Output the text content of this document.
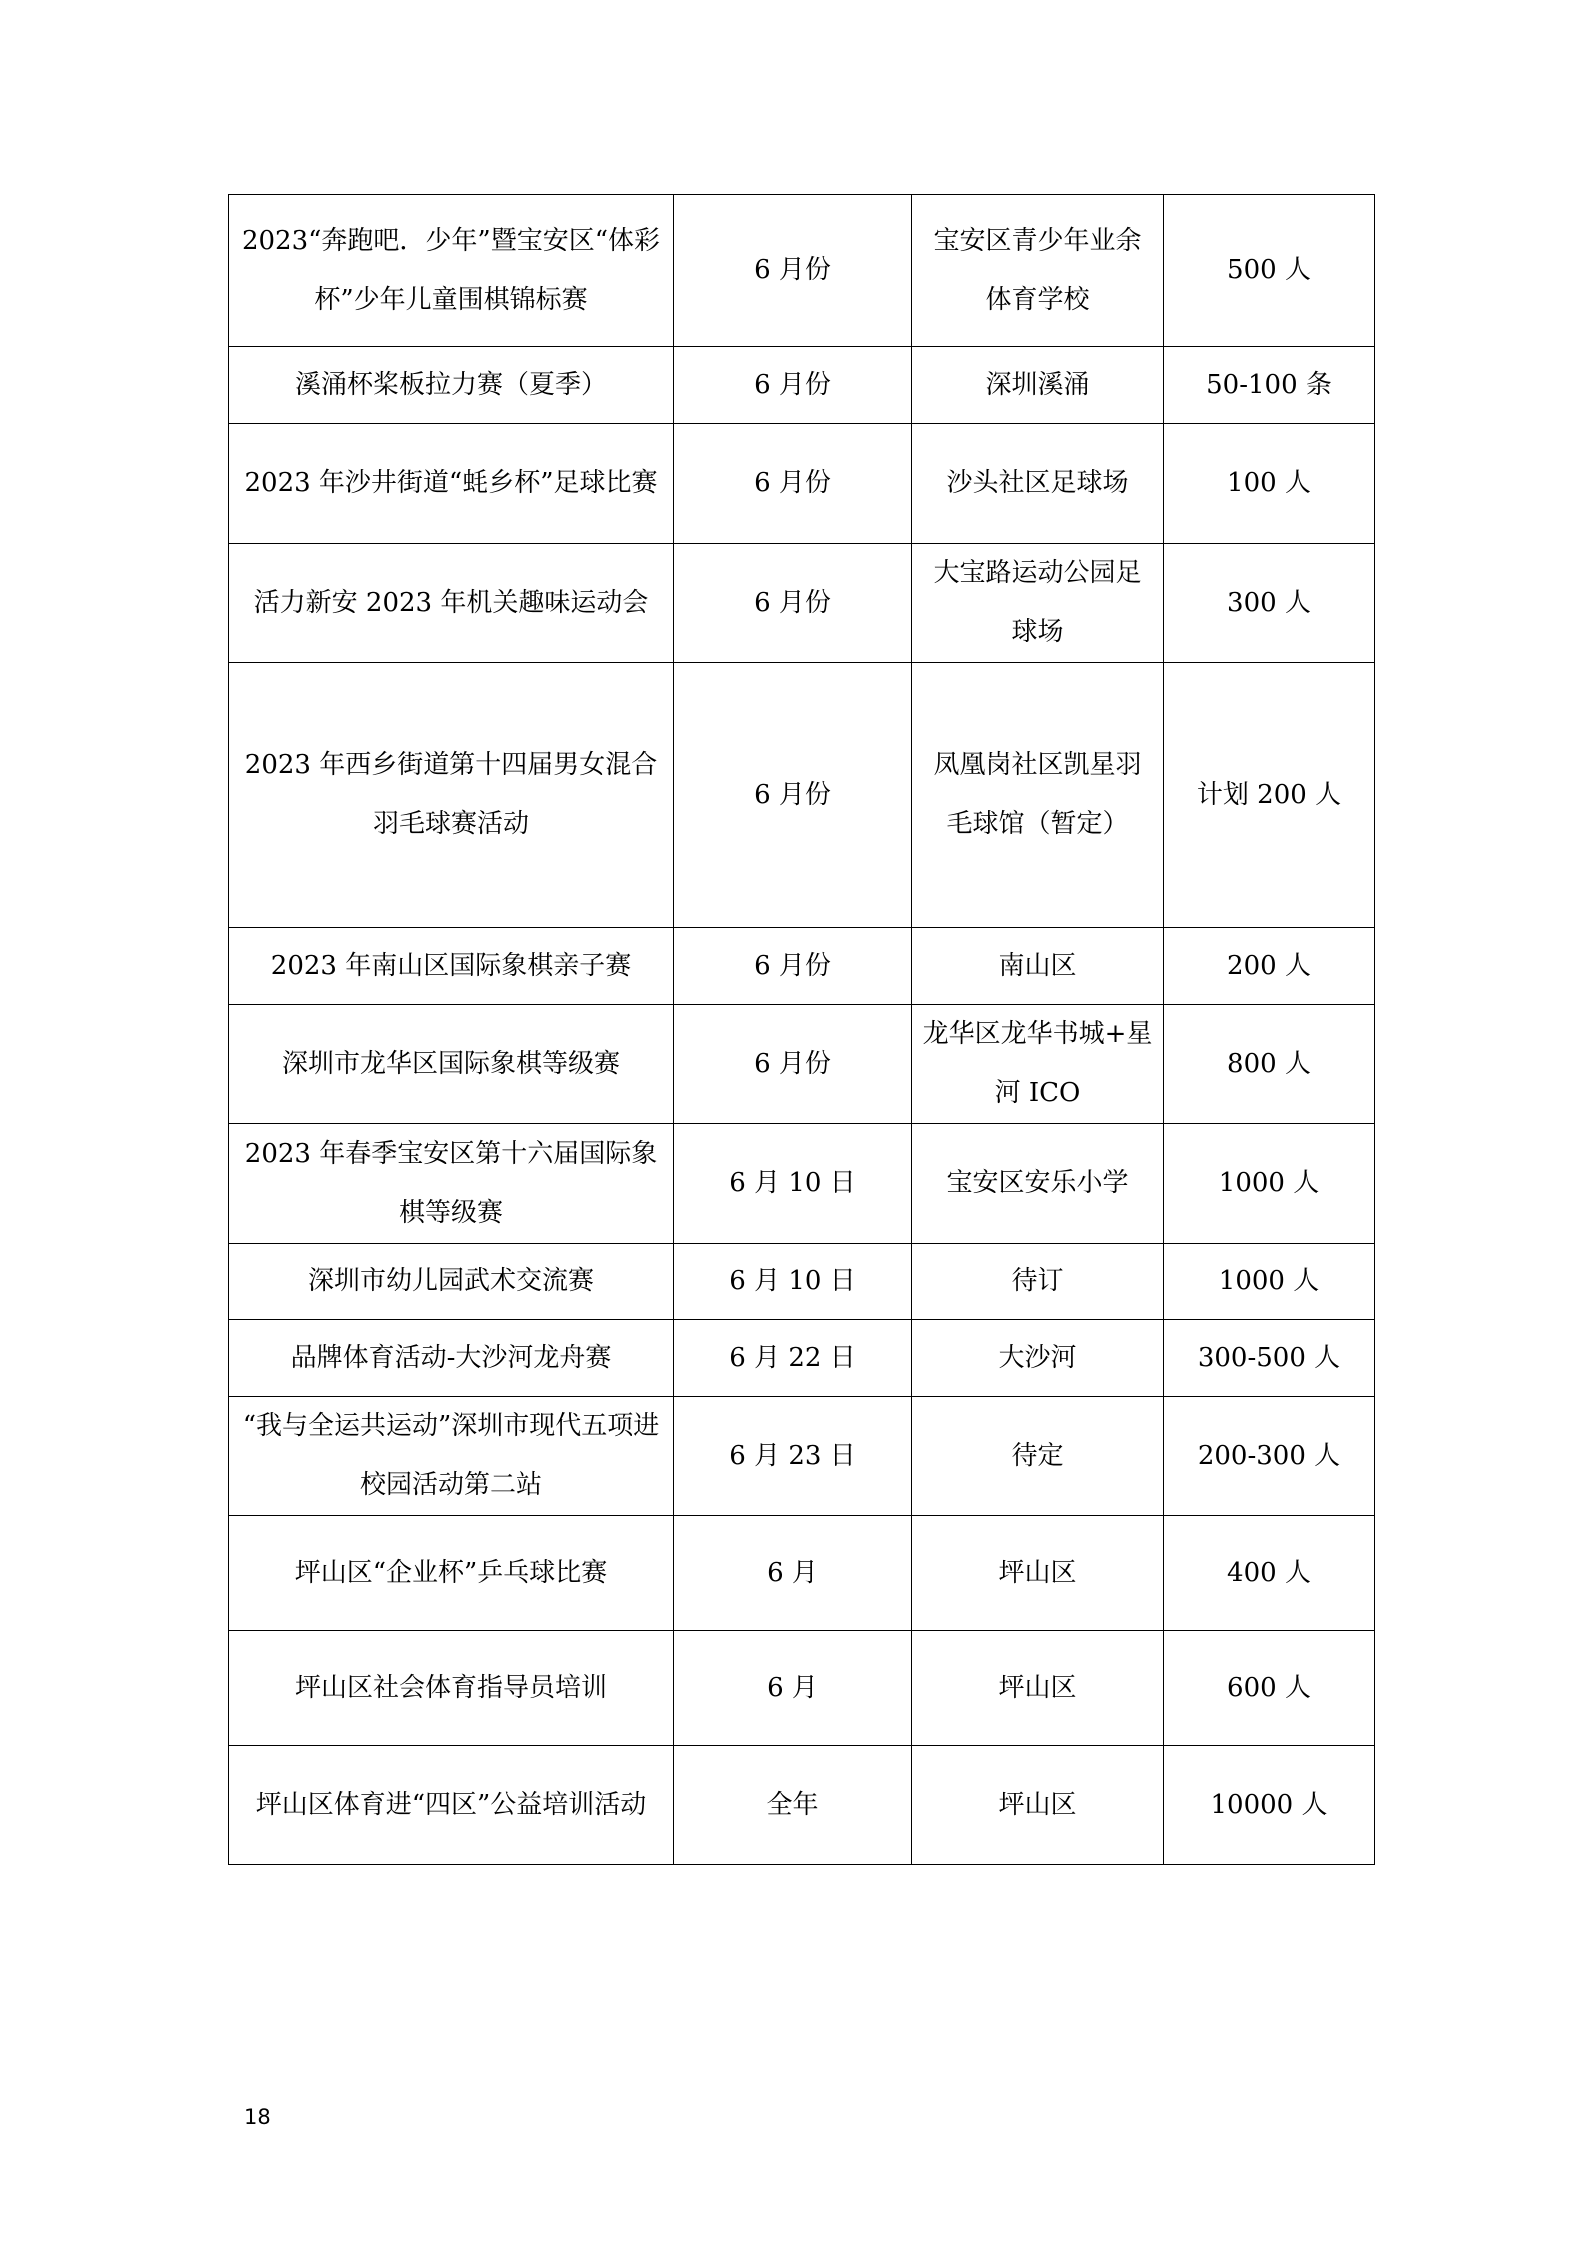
2023“奔跑吧．少年”暨宝安区“体彩杯”少年儿童围棋锦标赛	6 月份	宝安区青少年业余体育学校	500 人
溪涌杯桨板拉力赛（夏季）	6 月份	深圳溪涌	50-100 条
2023 年沙井街道“蚝乡杯”足球比赛	6 月份	沙头社区足球场	100 人
活力新安 2023 年机关趣味运动会	6 月份	大宝路运动公园足球场	300 人
2023 年西乡街道第十四届男女混合羽毛球赛活动	6 月份	凤凰岗社区凯星羽毛球馆（暂定）	计划 200 人
2023 年南山区国际象棋亲子赛	6 月份	南山区	200 人
深圳市龙华区国际象棋等级赛	6 月份	龙华区龙华书城+星河 ICO	800 人
2023 年春季宝安区第十六届国际象棋等级赛	6 月 10 日	宝安区安乐小学	1000 人
深圳市幼儿园武术交流赛	6 月 10 日	待订	1000 人
品牌体育活动-大沙河龙舟赛	6 月 22 日	大沙河	300-500 人
“我与全运共运动”深圳市现代五项进校园活动第二站	6 月 23 日	待定	200-300 人
坪山区“企业杯”乒乓球比赛	6 月	坪山区	400 人
坪山区社会体育指导员培训	6 月	坪山区	600 人
坪山区体育进“四区”公益培训活动	全年	坪山区	10000 人
18
